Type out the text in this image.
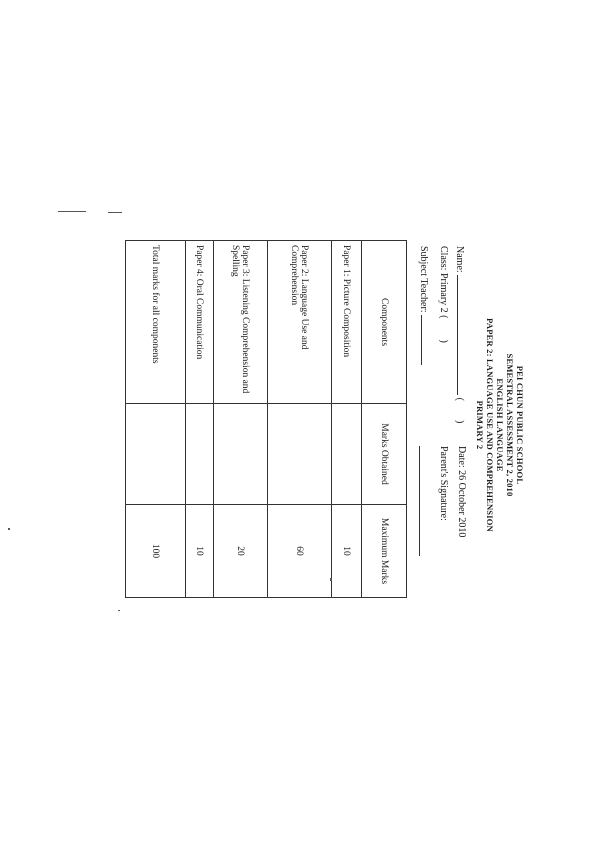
PEI CHUN PUBLIC SCHOOL
SEMESTRAL ASSESSMENT 2, 2010
ENGLISH LANGUAGE
PAPER 2: LANGUAGE USE AND COMPREHENSION
PRIMARY 2
Name:  (  )
Date: 26 October 2010
Class: Primary 2 (  )
Parent's Signature:
Subject Teacher:
Components	Marks Obtained	Maximum Marks
Paper 1: Picture Composition		10
Paper 2: Language Use and Comprehension		60
Paper 3: Listening Comprehension and Spelling		20
Paper 4: Oral Communication		10
Total marks for all components		100
